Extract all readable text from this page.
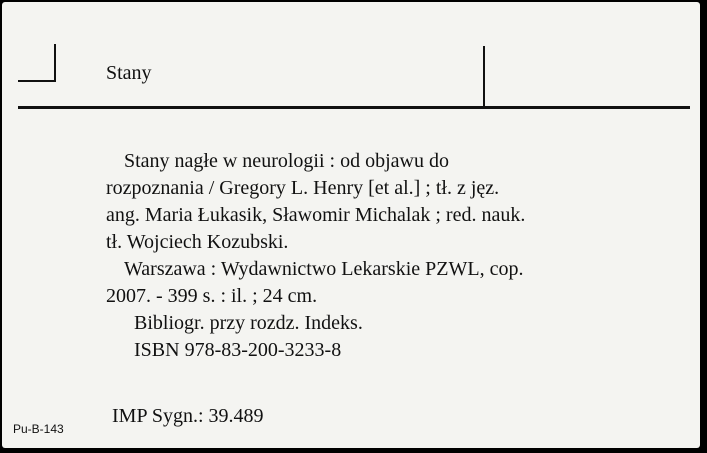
Stany

Stany nagłe w neurologii : od objawu do

rozpoznania / Gregory L. Henry [et al.] ; tł. z jęz.

ang. Maria Łukasik, Sławomir Michalak ; red. nauk.

tł. Wojciech Kozubski.

Warszawa : Wydawnictwo Lekarskie PZWL, cop.

2007. - 399 s. : il. ; 24 cm.

Bibliogr. przy rozdz. Indeks.

ISBN 978-83-200-3233-8

IMP Sygn.: 39.489
Pu-B-143
